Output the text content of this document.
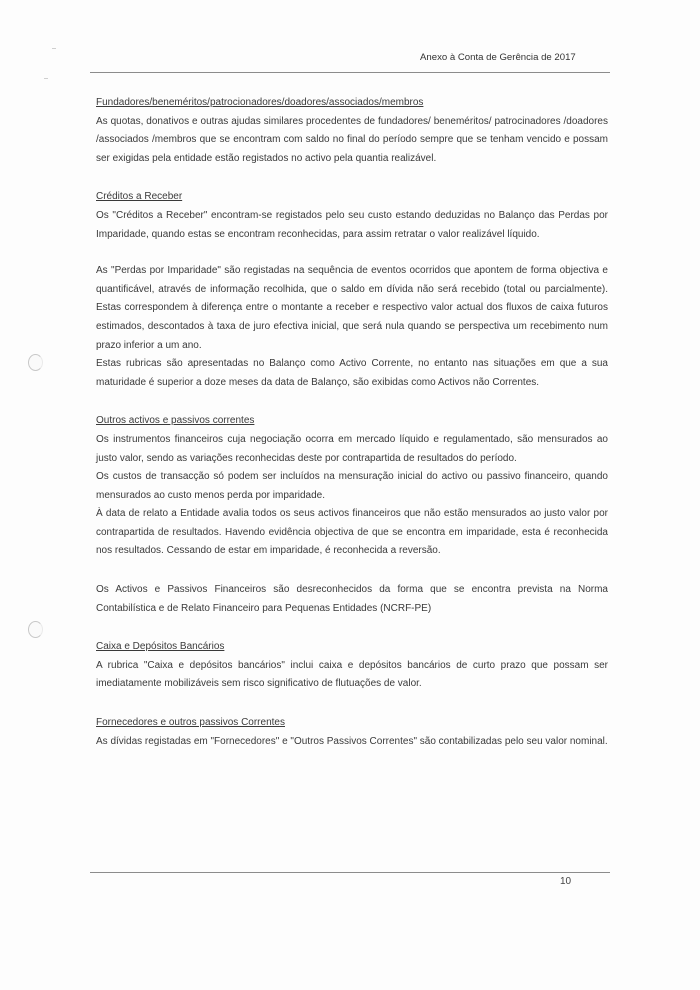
Anexo à Conta de Gerência de 2017
Fundadores/beneméritos/patrocionadores/doadores/associados/membros

As quotas, donativos e outras ajudas similares procedentes de fundadores/ beneméritos/ patrocinadores /doadores /associados /membros que se encontram com saldo no final do período sempre que se tenham vencido e possam ser exigidas pela entidade estão registados no activo pela quantia realizável.

Créditos a Receber

Os "Créditos a Receber" encontram-se registados pelo seu custo estando deduzidas no Balanço das Perdas por Imparidade, quando estas se encontram reconhecidas, para assim retratar o valor realizável líquido.

As "Perdas por Imparidade" são registadas na sequência de eventos ocorridos que apontem de forma objectiva e quantificável, através de informação recolhida, que o saldo em dívida não será recebido (total ou parcialmente). Estas correspondem à diferença entre o montante a receber e respectivo valor actual dos fluxos de caixa futuros estimados, descontados à taxa de juro efectiva inicial, que será nula quando se perspectiva um recebimento num prazo inferior a um ano.

Estas rubricas são apresentadas no Balanço como Activo Corrente, no entanto nas situações em que a sua maturidade é superior a doze meses da data de Balanço, são exibidas como Activos não Correntes.

Outros activos e passivos correntes

Os instrumentos financeiros cuja negociação ocorra em mercado líquido e regulamentado, são mensurados ao justo valor, sendo as variações reconhecidas deste por contrapartida de resultados do período.

Os custos de transacção só podem ser incluídos na mensuração inicial do activo ou passivo financeiro, quando mensurados ao custo menos perda por imparidade.

À data de relato a Entidade avalia todos os seus activos financeiros que não estão mensurados ao justo valor por contrapartida de resultados. Havendo evidência objectiva de que se encontra em imparidade, esta é reconhecida nos resultados. Cessando de estar em imparidade, é reconhecida a reversão.

Os Activos e Passivos Financeiros são desreconhecidos da forma que se encontra prevista na Norma Contabilística e de Relato Financeiro para Pequenas Entidades (NCRF-PE)

Caixa e Depósitos Bancários

A rubrica "Caixa e depósitos bancários" inclui caixa e depósitos bancários de curto prazo que possam ser imediatamente mobilizáveis sem risco significativo de flutuações de valor.

Fornecedores e outros passivos Correntes

As dívidas registadas em "Fornecedores" e "Outros Passivos Correntes" são contabilizadas pelo seu valor nominal.

10
